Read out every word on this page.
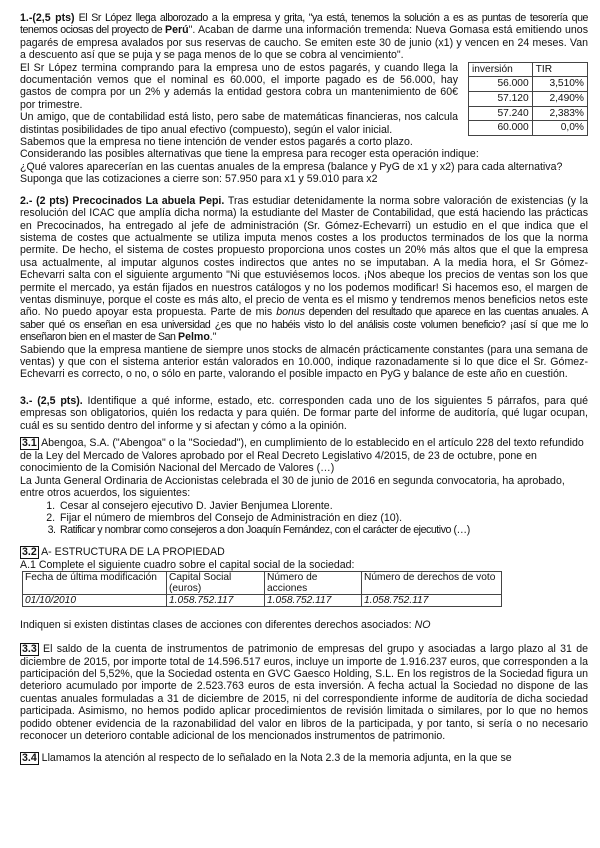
1.-(2,5 pts) El Sr López llega alborozado a la empresa y grita, "ya está, tenemos la solución a es as puntas de tesorería que tenemos ociosas del proyecto de Perú". Acaban de darme una información tremenda: Nueva Gomasa está emitiendo unos pagarés de empresa avalados por sus reservas de caucho. Se emiten este 30 de junio (x1) y vencen en 24 meses. Van a descuento así que se puja y se paga menos de lo que se cobra al vencimiento".

El Sr López termina comprando para la empresa uno de estos pagarés, y cuando llega la documentación vemos que el nominal es 60.000, el importe pagado es de 56.000, hay gastos de compra por un 2% y además la entidad gestora cobra un mantenimiento de 60€ por trimestre.

Un amigo, que de contabilidad está listo, pero sabe de matemáticas financieras, nos calcula distintas posibilidades de tipo anual efectivo (compuesto), según el valor inicial.

inversión	TIR
56.000	3,510%
57.120	2,490%
57.240	2,383%
60.000	0,0%

Sabemos que la empresa no tiene intención de vender estos pagarés a corto plazo.

Considerando las posibles alternativas que tiene la empresa para recoger esta operación indique:

¿Qué valores aparecerían en las cuentas anuales de la empresa (balance y PyG de x1 y x2) para cada alternativa? Suponga que las cotizaciones a cierre son: 57.950 para x1 y 59.010 para x2

2.- (2 pts) Precocinados La abuela Pepi. Tras estudiar detenidamente la norma sobre valoración de existencias (y la resolución del ICAC que amplía dicha norma) la estudiante del Master de Contabilidad, que está haciendo las prácticas en Precocinados, ha entregado al jefe de administración (Sr. Gómez-Echevarri) un estudio en el que indica que el sistema de costes que actualmente se utiliza imputa menos costes a los productos terminados de los que la norma permite. De hecho, el sistema de costes propuesto proporciona unos costes un 20% más altos que el que la empresa usa actualmente, al imputar algunos costes indirectos que antes no se imputaban. A la media hora, el Sr Gómez-Echevarri salta con el siguiente argumento "Ni que estuviésemos locos. ¡Nos abeque los precios de ventas son los que permite el mercado, ya están fijados en nuestros catálogos y no los podemos modificar! Si hacemos eso, el margen de ventas disminuye, porque el coste es más alto, el precio de venta es el mismo y tendremos menos beneficios netos este año. No puedo apoyar esta propuesta. Parte de mis bonus dependen del resultado que aparece en las cuentas anuales. A saber qué os enseñan en esa universidad ¿es que no habéis visto lo del análisis coste volumen beneficio? ¡así sí que me lo enseñaron bien en el master de San Pelmo."

Sabiendo que la empresa mantiene de siempre unos stocks de almacén prácticamente constantes (para una semana de ventas) y que con el sistema anterior están valorados en 10.000, indique razonadamente si lo que dice el Sr. Gómez-Echevarri es correcto, o no, o sólo en parte, valorando el posible impacto en PyG y balance de este año en cuestión.

3.- (2,5 pts). Identifique a qué informe, estado, etc. corresponden cada uno de los siguientes 5 párrafos, para qué empresas son obligatorios, quién los redacta y para quién. De formar parte del informe de auditoría, qué lugar ocupan, cuál es su sentido dentro del informe y si afectan y cómo a la opinión.

3.1 Abengoa, S.A. ("Abengoa" o la "Sociedad"), en cumplimiento de lo establecido en el artículo 228 del texto refundido de la Ley del Mercado de Valores aprobado por el Real Decreto Legislativo 4/2015, de 23 de octubre, pone en conocimiento de la Comisión Nacional del Mercado de Valores (…)

La Junta General Ordinaria de Accionistas celebrada el 30 de junio de 2016 en segunda convocatoria, ha aprobado, entre otros acuerdos, los siguientes:

1. Cesar al consejero ejecutivo D. Javier Benjumea Llorente.
2. Fijar el número de miembros del Consejo de Administración en diez (10).
3. Ratificar y nombrar como consejeros a don Joaquín Fernández, con el carácter de ejecutivo (…)

3.2 A- ESTRUCTURA DE LA PROPIEDAD

A.1 Complete el siguiente cuadro sobre el capital social de la sociedad:

Fecha de última modificación	Capital Social (euros)	Número de acciones	Número de derechos de voto
01/10/2010	1.058.752.117	1.058.752.117	1.058.752.117

Indiquen si existen distintas clases de acciones con diferentes derechos asociados: NO

3.3 El saldo de la cuenta de instrumentos de patrimonio de empresas del grupo y asociadas a largo plazo al 31 de diciembre de 2015, por importe total de 14.596.517 euros, incluye un importe de 1.916.237 euros, que corresponden a la participación del 5,52%, que la Sociedad ostenta en GVC Gaesco Holding, S.L. En los registros de la Sociedad figura un deterioro acumulado por importe de 2.523.763 euros de esta inversión. A fecha actual la Sociedad no dispone de las cuentas anuales formuladas a 31 de diciembre de 2015, ni del correspondiente informe de auditoría de dicha sociedad participada. Asimismo, no hemos podido aplicar procedimientos de revisión limitada o similares, por lo que no hemos podido obtener evidencia de la razonabilidad del valor en libros de la participada, y por tanto, si sería o no necesario reconocer un deterioro contable adicional de los mencionados instrumentos de patrimonio.

3.4 Llamamos la atención al respecto de lo señalado en la Nota 2.3 de la memoria adjunta, en la que se
